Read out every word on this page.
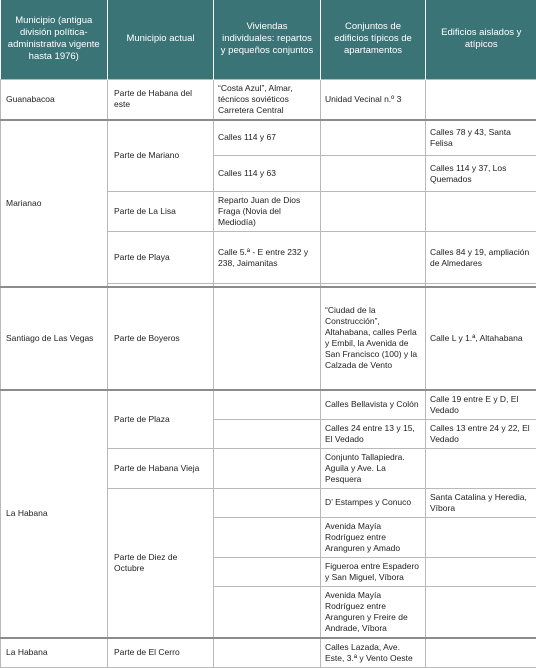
Municipio (antigua división política-administrativa vigente hasta 1976)	Municipio actual	Viviendas individuales: repartos y pequeños conjuntos	Conjuntos de edificios típicos de apartamentos	Edificios aislados y atípicos
Guanabacoa	Parte de Habana del este	“Costa Azul”, Almar, técnicos soviéticos Carretera Central	Unidad Vecinal n.º 3	
Marianao	Parte de Mariano	Calles 114 y 67		Calles 78 y 43, Santa Felisa
		Calles 114 y 63		Calles 114 y 37, Los Quemados
	Parte de La Lisa	Reparto Juan de Dios Fraga (Novia del Mediodía)		
	Parte de Playa	Calle 5.ª - E entre 232 y 238, Jaimanitas		Calles 84 y 19, ampliación de Almedares

Santiago de Las Vegas	Parte de Boyeros		“Ciudad de la Construcción”, Altahabana, calles Perla y Embil, la Avenida de San Francisco (100) y la Calzada de Vento	Calle L y 1.ª, Altahabana
La Habana	Parte de Plaza		Calles Bellavista y Colón	Calle 19 entre E y D, El Vedado
			Calles 24 entre 13 y 15, El Vedado	Calles 13 entre 24 y 22, El Vedado
	Parte de Habana Vieja		Conjunto Tallapiedra. Aguila y Ave. La Pesquera	
	Parte de Diez de Octubre		D’ Estampes y Conuco	Santa Catalina y Heredia, Víbora
			Avenida Mayía Rodríguez entre Aranguren y Amado	
			Figueroa entre Espadero y San Miguel, Víbora	
			Avenida Mayía Rodríguez entre Aranguren y Freire de Andrade, Víbora	
La Habana	Parte de El Cerro		Calles Lazada, Ave. Este, 3.ª y Vento Oeste	
